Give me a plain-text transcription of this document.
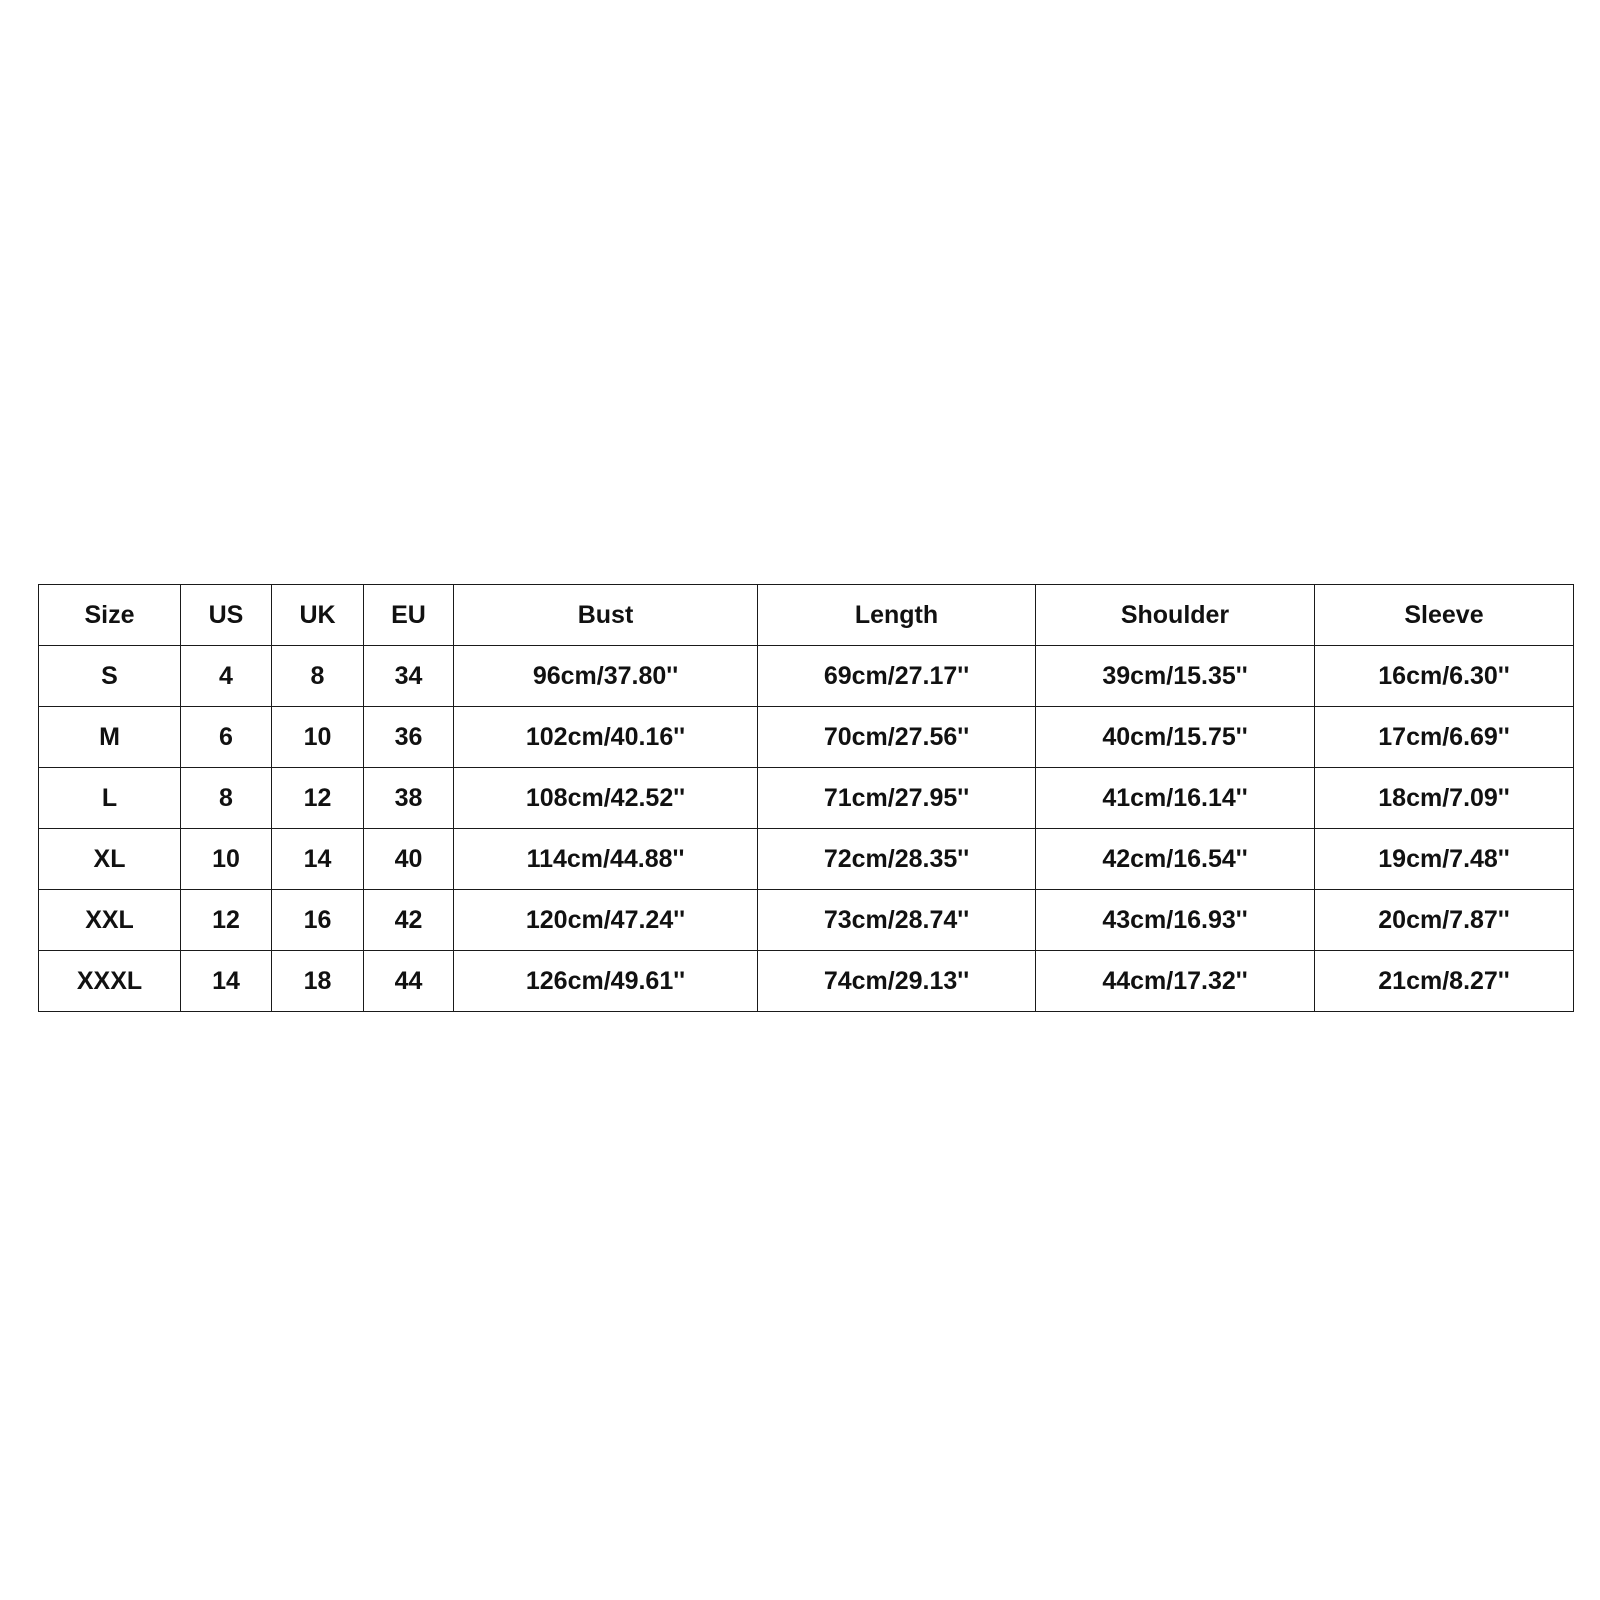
Size	US	UK	EU	Bust	Length	Shoulder	Sleeve
S	4	8	34	96cm/37.80''	69cm/27.17''	39cm/15.35''	16cm/6.30''
M	6	10	36	102cm/40.16''	70cm/27.56''	40cm/15.75''	17cm/6.69''
L	8	12	38	108cm/42.52''	71cm/27.95''	41cm/16.14''	18cm/7.09''
XL	10	14	40	114cm/44.88''	72cm/28.35''	42cm/16.54''	19cm/7.48''
XXL	12	16	42	120cm/47.24''	73cm/28.74''	43cm/16.93''	20cm/7.87''
XXXL	14	18	44	126cm/49.61''	74cm/29.13''	44cm/17.32''	21cm/8.27''
